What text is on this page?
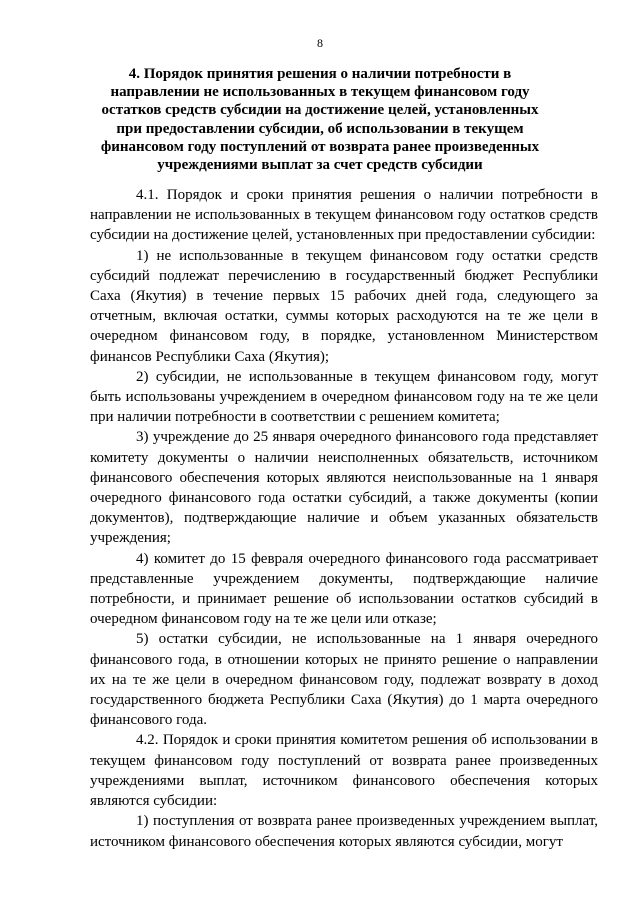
8
4. Порядок принятия решения о наличии потребности в направлении не использованных в текущем финансовом году остатков средств субсидии на достижение целей, установленных при предоставлении субсидии, об использовании в текущем финансовом году поступлений от возврата ранее произведенных учреждениями выплат за счет средств субсидии

4.1. Порядок и сроки принятия решения о наличии потребности в направлении не использованных в текущем финансовом году остатков средств субсидии на достижение целей, установленных при предоставлении субсидии:

1) не использованные в текущем финансовом году остатки средств субсидий подлежат перечислению в государственный бюджет Республики Саха (Якутия) в течение первых 15 рабочих дней года, следующего за отчетным, включая остатки, суммы которых расходуются на те же цели в очередном финансовом году, в порядке, установленном Министерством финансов Республики Саха (Якутия);

2) субсидии, не использованные в текущем финансовом году, могут быть использованы учреждением в очередном финансовом году на те же цели при наличии потребности в соответствии с решением комитета;

3) учреждение до 25 января очередного финансового года представляет комитету документы о наличии неисполненных обязательств, источником финансового обеспечения которых являются неиспользованные на 1 января очередного финансового года остатки субсидий, а также документы (копии документов), подтверждающие наличие и объем указанных обязательств учреждения;

4) комитет до 15 февраля очередного финансового года рассматривает представленные учреждением документы, подтверждающие наличие потребности, и принимает решение об использовании остатков субсидий в очередном финансовом году на те же цели или отказе;

5) остатки субсидии, не использованные на 1 января очередного финансового года, в отношении которых не принято решение о направлении их на те же цели в очередном финансовом году, подлежат возврату в доход государственного бюджета Республики Саха (Якутия) до 1 марта очередного финансового года.

4.2. Порядок и сроки принятия комитетом решения об использовании в текущем финансовом году поступлений от возврата ранее произведенных учреждениями выплат, источником финансового обеспечения которых являются субсидии:

1) поступления от возврата ранее произведенных учреждением выплат, источником финансового обеспечения которых являются субсидии, могут
